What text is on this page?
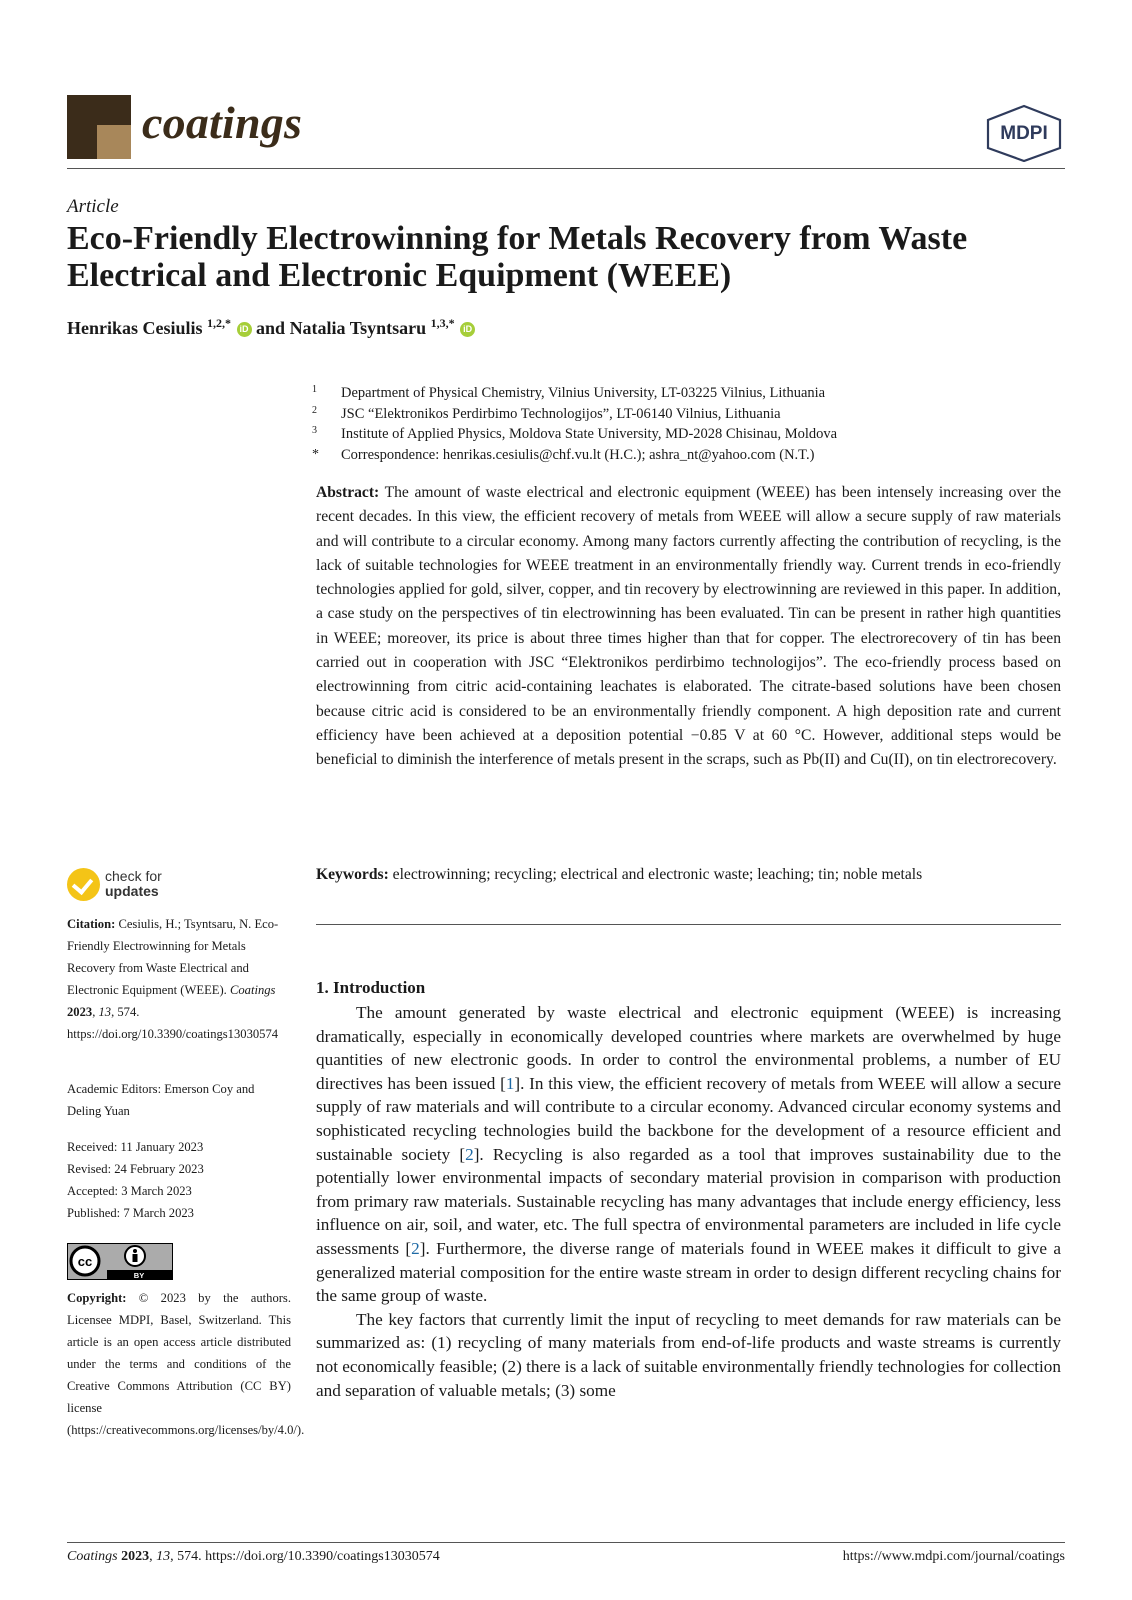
coatings	MDPI
Article
Eco-Friendly Electrowinning for Metals Recovery from Waste
Electrical and Electronic Equipment (WEEE)
Henrikas Cesiulis $^{1,2,*}$ iD and Natalia Tsyntsaru $^{1,3,*}$ iD
1 Department of Physical Chemistry, Vilnius University, LT-03225 Vilnius, Lithuania
2 JSC “Elektronikos Perdirbimo Technologijos”, LT-06140 Vilnius, Lithuania
3 Institute of Applied Physics, Moldova State University, MD-2028 Chisinau, Moldova
* Correspondence: henrikas.cesiulis@chf.vu.lt (H.C.); ashra_nt@yahoo.com (N.T.)
Abstract: The amount of waste electrical and electronic equipment (WEEE) has been intensely increasing over the recent decades. In this view, the efficient recovery of metals from WEEE will allow a secure supply of raw materials and will contribute to a circular economy. Among many factors currently affecting the contribution of recycling, is the lack of suitable technologies for WEEE treatment in an environmentally friendly way. Current trends in eco-friendly technologies applied for gold, silver, copper, and tin recovery by electrowinning are reviewed in this paper. In addition, a case study on the perspectives of tin electrowinning has been evaluated. Tin can be present in rather high quantities in WEEE; moreover, its price is about three times higher than that for copper. The electrorecovery of tin has been carried out in cooperation with JSC “Elektronikos perdirbimo technologijos”. The eco-friendly process based on electrowinning from citric acid-containing leachates is elaborated. The citrate-based solutions have been chosen because citric acid is considered to be an environmentally friendly component. A high deposition rate and current efficiency have been achieved at a deposition potential −0.85 V at 60 °C. However, additional steps would be beneficial to diminish the interference of metals present in the scraps, such as Pb(II) and Cu(II), on tin electrorecovery.
Keywords: electrowinning; recycling; electrical and electronic waste; leaching; tin; noble metals
1. Introduction

The amount generated by waste electrical and electronic equipment (WEEE) is increasing dramatically, especially in economically developed countries where markets are overwhelmed by huge quantities of new electronic goods. In order to control the environmental problems, a number of EU directives has been issued [1]. In this view, the efficient recovery of metals from WEEE will allow a secure supply of raw materials and will contribute to a circular economy. Advanced circular economy systems and sophisticated recycling technologies build the backbone for the development of a resource efficient and sustainable society [2]. Recycling is also regarded as a tool that improves sustainability due to the potentially lower environmental impacts of secondary material provision in comparison with production from primary raw materials. Sustainable recycling has many advantages that include energy efficiency, less influence on air, soil, and water, etc. The full spectra of environmental parameters are included in life cycle assessments [2]. Furthermore, the diverse range of materials found in WEEE makes it difficult to give a generalized material composition for the entire waste stream in order to design different recycling chains for the same group of waste.

The key factors that currently limit the input of recycling to meet demands for raw materials can be summarized as: (1) recycling of many materials from end-of-life products and waste streams is currently not economically feasible; (2) there is a lack of suitable environmentally friendly technologies for collection and separation of valuable metals; (3) some

check for
updates
Citation: Cesiulis, H.; Tsyntsaru, N. Eco-Friendly Electrowinning for Metals Recovery from Waste Electrical and Electronic Equipment (WEEE). Coatings 2023, 13, 574. https://doi.org/10.3390/coatings13030574
Academic Editors: Emerson Coy and Deling Yuan
Received: 11 January 2023
Revised: 24 February 2023
Accepted: 3 March 2023
Published: 7 March 2023
cc
BY
Copyright: © 2023 by the authors. Licensee MDPI, Basel, Switzerland. This article is an open access article distributed under the terms and conditions of the Creative Commons Attribution (CC BY) license (https://creativecommons.org/licenses/by/4.0/).
Coatings 2023, 13, 574. https://doi.org/10.3390/coatings13030574	https://www.mdpi.com/journal/coatings
